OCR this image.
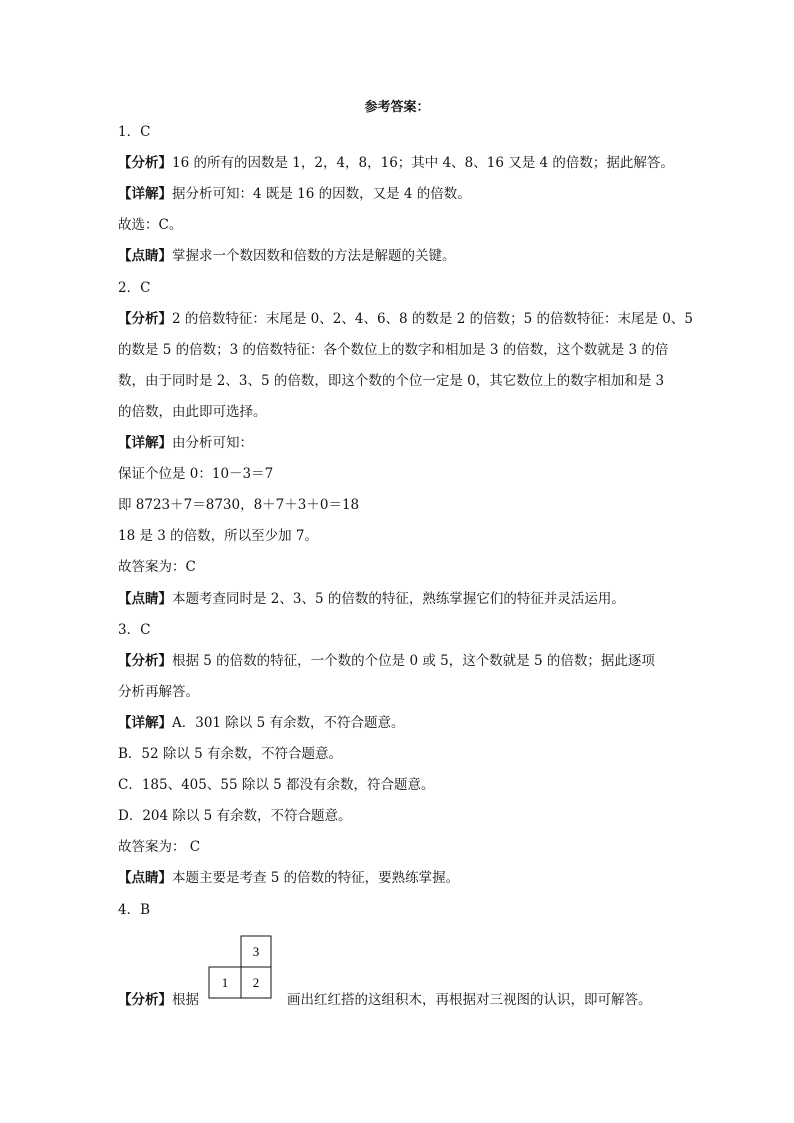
参考答案：
1．C
【分析】16 的所有的因数是 1，2，4，8，16；其中 4、8、16 又是 4 的倍数；据此解答。
【详解】据分析可知：4 既是 16 的因数，又是 4 的倍数。
故选：C。
【点睛】掌握求一个数因数和倍数的方法是解题的关键。
2．C
【分析】2 的倍数特征：末尾是 0、2、4、6、8 的数是 2 的倍数；5 的倍数特征：末尾是 0、5
的数是 5 的倍数；3 的倍数特征：各个数位上的数字和相加是 3 的倍数，这个数就是 3 的倍
数，由于同时是 2、3、5 的倍数，即这个数的个位一定是 0，其它数位上的数字相加和是 3
的倍数，由此即可选择。
【详解】由分析可知：
保证个位是 0：10－3＝7
即 8723＋7＝8730，8＋7＋3＋0＝18
18 是 3 的倍数，所以至少加 7。
故答案为：C
【点睛】本题考查同时是 2、3、5 的倍数的特征，熟练掌握它们的特征并灵活运用。
3．C
【分析】根据 5 的倍数的特征，一个数的个位是 0 或 5，这个数就是 5 的倍数；据此逐项
分析再解答。
【详解】A．301 除以 5 有余数，不符合题意。
B．52 除以 5 有余数，不符合题意。
C．185、405、55 除以 5 都没有余数，符合题意。
D．204 除以 5 有余数，不符合题意。
故答案为： C
【点睛】本题主要是考查 5 的倍数的特征，要熟练掌握。
4．B
【分析】根据	画出红红搭的这组积木，再根据对三视图的认识，即可解答。
3
1 2
